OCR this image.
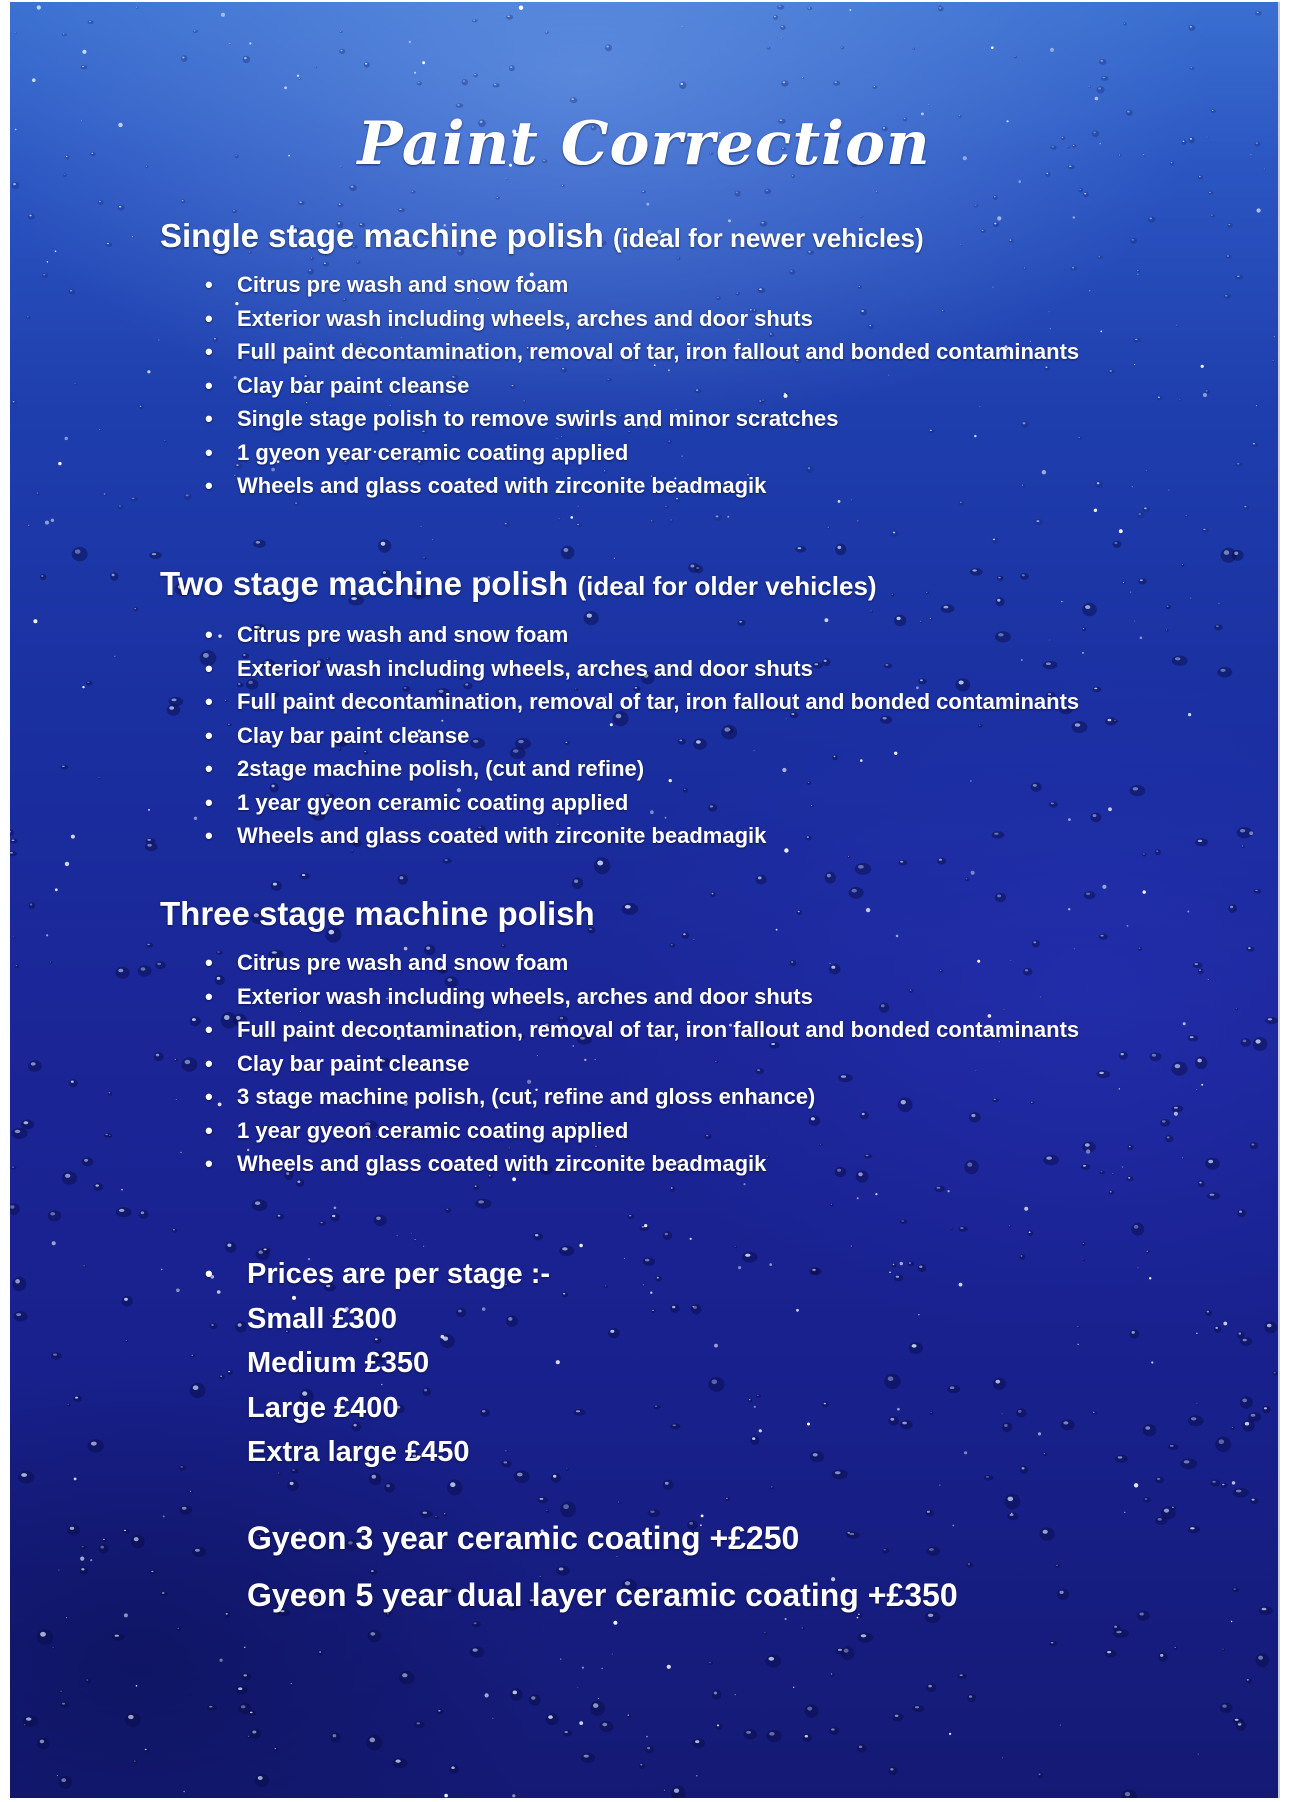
Paint Correction
Single stage machine polish (ideal for newer vehicles)
• Citrus pre wash and snow foam
• Exterior wash including wheels, arches and door shuts
• Full paint decontamination, removal of tar, iron fallout and bonded contaminants
• Clay bar paint cleanse
• Single stage polish to remove swirls and minor scratches
• 1 gyeon year ceramic coating applied
• Wheels and glass coated with zirconite beadmagik
Two stage machine polish (ideal for older vehicles)
• Citrus pre wash and snow foam
• Exterior wash including wheels, arches and door shuts
• Full paint decontamination, removal of tar, iron fallout and bonded contaminants
• Clay bar paint cleanse
• 2stage machine polish, (cut and refine)
• 1 year gyeon ceramic coating applied
• Wheels and glass coated with zirconite beadmagik
Three stage machine polish
• Citrus pre wash and snow foam
• Exterior wash including wheels, arches and door shuts
• Full paint decontamination, removal of tar, iron fallout and bonded contaminants
• Clay bar paint cleanse
• 3 stage machine polish, (cut, refine and gloss enhance)
• 1 year gyeon ceramic coating applied
• Wheels and glass coated with zirconite beadmagik
• Prices are per stage :-
Small £300
Medium £350
Large £400
Extra large £450
Gyeon 3 year ceramic coating +£250
Gyeon 5 year dual layer ceramic coating +£350
